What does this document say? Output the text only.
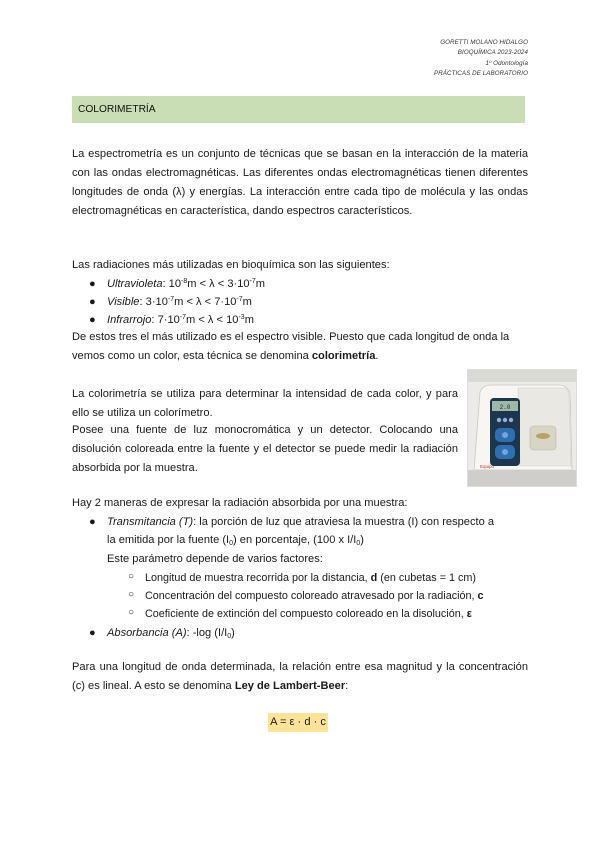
GORETTI MOLANO HIDALGO
BIOQUÍMICA 2023-2024
1º Odontología
PRÁCTICAS DE LABORATORIO
COLORIMETRÍA

La espectrometría es un conjunto de técnicas que se basan en la interacción de la materia con las ondas electromagnéticas. Las diferentes ondas electromagnéticas tienen diferentes longitudes de onda (λ) y energías. La interacción entre cada tipo de molécula y las ondas electromagnéticas en característica, dando espectros característicos.

Las radiaciones más utilizadas en bioquímica son las siguientes:

● Ultravioleta: $10^{-8}m < \lambda < 3\cdot 10^{-7}m$
● Visible: $3\cdot 10^{-7}m < \lambda < 7\cdot 10^{-7}m$
● Infrarrojo: $7\cdot 10^{-7}m < \lambda < 10^{-3}m$

De estos tres el más utilizado es el espectro visible. Puesto que cada longitud de onda la vemos como un color, esta técnica se denomina colorimetría.

La colorimetría se utiliza para determinar la intensidad de cada color, y para ello se utiliza un colorímetro.

Posee una fuente de luz monocromática y un detector. Colocando una disolución coloreada entre la fuente y el detector se puede medir la radiación absorbida por la muestra.

2.0
Equipo

Hay 2 maneras de expresar la radiación absorbida por una muestra:

● Transmitancia (T): la porción de luz que atraviesa la muestra (I) con respecto a
la emitida por la fuente $(I_0)$ en porcentaje, (100 x $I/I_0$)
Este parámetro depende de varios factores:
○ Longitud de muestra recorrida por la distancia, d (en cubetas = 1 cm)
○ Concentración del compuesto coloreado atravesado por la radiación, c
○ Coeficiente de extinción del compuesto coloreado en la disolución, ε
● Absorbancia (A): -log $(I/I_0)$

Para una longitud de onda determinada, la relación entre esa magnitud y la concentración (c) es lineal. A esto se denomina Ley de Lambert-Beer:

A = ε · d · c
